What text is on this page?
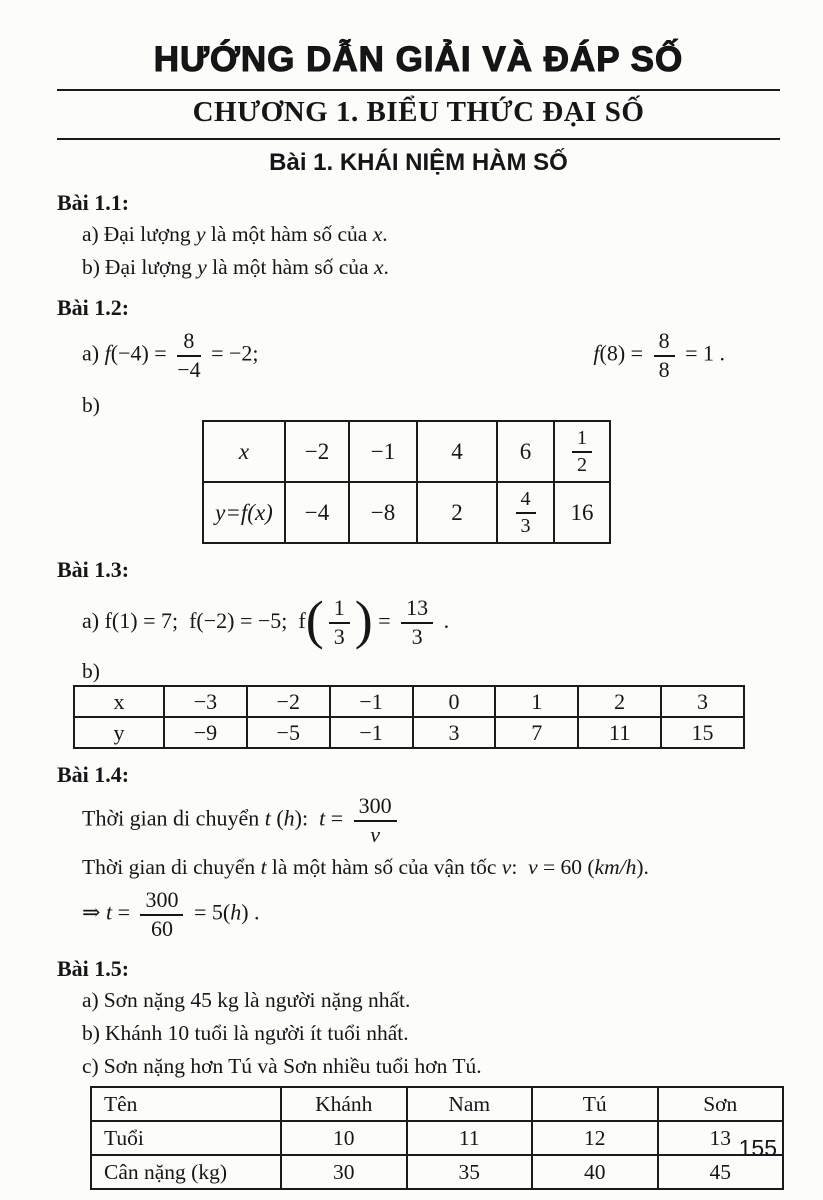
HƯỚNG DẪN GIẢI VÀ ĐÁP SỐ
CHƯƠNG 1. BIỂU THỨC ĐẠI SỐ
Bài 1. KHÁI NIỆM HÀM SỐ
Bài 1.1:
a) Đại lượng y là một hàm số của x.
b) Đại lượng y là một hàm số của x.
Bài 1.2:
a) $f(-4) = \frac{8}{-4} = -2$;	$f(8) = \frac{8}{8} = 1$ .
b)
x	−2	−1	4	6	$\frac{1}{2}$

y=f(x)	−4	−8	2	$\frac{4}{3}$	16
Bài 1.3:
a) f(1) = 7;  f(−2) = −5;  $f( \frac{1}{3}$ ) = $\frac{13}{3}$ .
b)
x	−3	−2	−1	0	1	2	3
y	−9	−5	−1	3	7	11	15
Bài 1.4:
Thời gian di chuyển t (h):  $t = \frac{300}{v}$
Thời gian di chuyển t là một hàm số của vận tốc v:  v = 60 (km/h).
⇒ $t = \frac{300}{60} = 5(h)$ .
Bài 1.5:
a) Sơn nặng 45 kg là người nặng nhất.
b) Khánh 10 tuổi là người ít tuổi nhất.
c) Sơn nặng hơn Tú và Sơn nhiều tuổi hơn Tú.
Tên	Khánh	Nam	Tú	Sơn
Tuổi	10	11	12	13
Cân nặng (kg)	30	35	40	45
155
